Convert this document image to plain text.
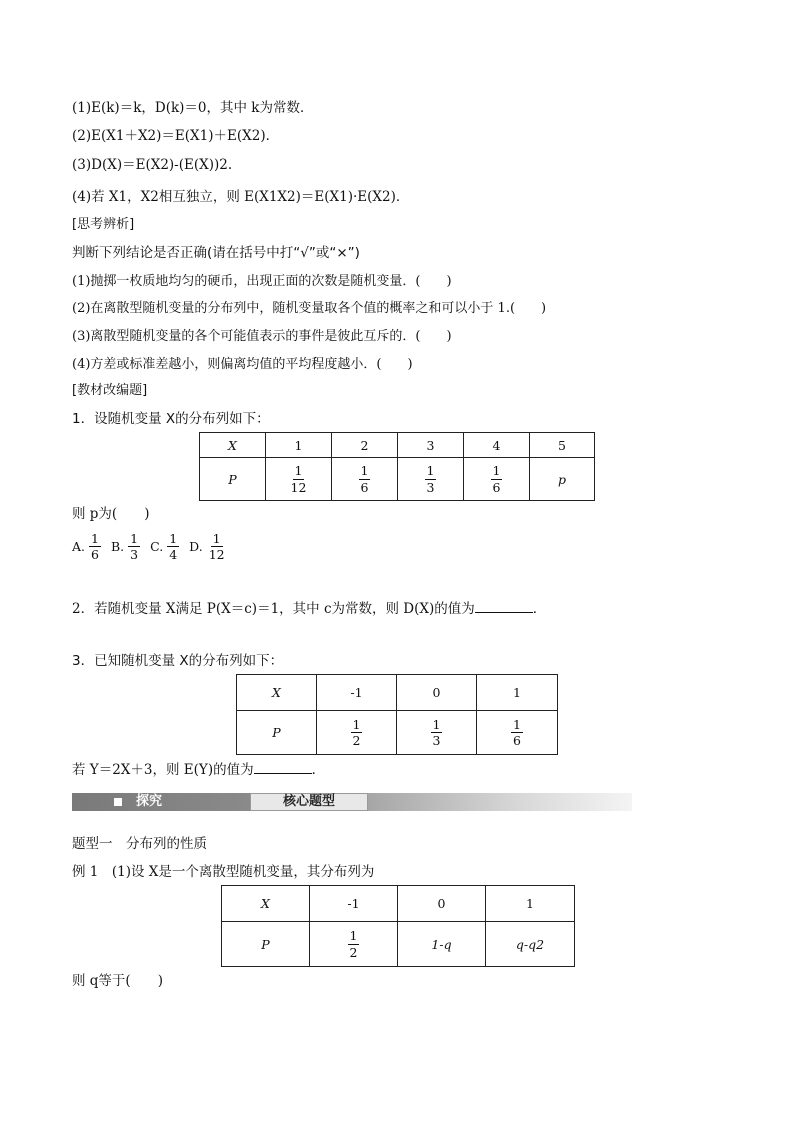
(1)E(k)＝k，D(k)＝0，其中 k为常数．
(2)E(X1＋X2)＝E(X1)＋E(X2)．
(3)D(X)＝E(X2)-(E(X))2.
(4)若 X1，X2相互独立，则 E(X1X2)＝E(X1)·E(X2)．
[思考辨析]
判断下列结论是否正确(请在括号中打“√”或“×”)
(1)抛掷一枚质地均匀的硬币，出现正面的次数是随机变量．(　　)
(2)在离散型随机变量的分布列中，随机变量取各个值的概率之和可以小于 1.(　　)
(3)离散型随机变量的各个可能值表示的事件是彼此互斥的．(　　)
(4)方差或标准差越小，则偏离均值的平均程度越小．(　　)
[教材改编题]
1．设随机变量 X的分布列如下：
X	1	2	3	4	5
P	$\frac{1}{12}$	$\frac{1}{6}$	$\frac{1}{3}$	$\frac{1}{6}$	p
则 p为(　　)
A. $\frac{1}{6} B$. $\frac{1}{3} C$. $\frac{1}{4} D$. $\frac{1}{12}$
2．若随机变量 X满足 P(X＝c)＝1，其中 c为常数，则 D(X)的值为	．
3．已知随机变量 X的分布列如下：
X	-1	0	1
P	$\frac{1}{2}$	$\frac{1}{3}$	$\frac{1}{6}$
若 Y＝2X＋3，则 E(Y)的值为	．
探究	核心题型
题型一　分布列的性质
例 1　(1)设 X是一个离散型随机变量，其分布列为
X	-1	0	1
P	$\frac{1}{2}$	1-q	q-q2
则 q等于(　　)
